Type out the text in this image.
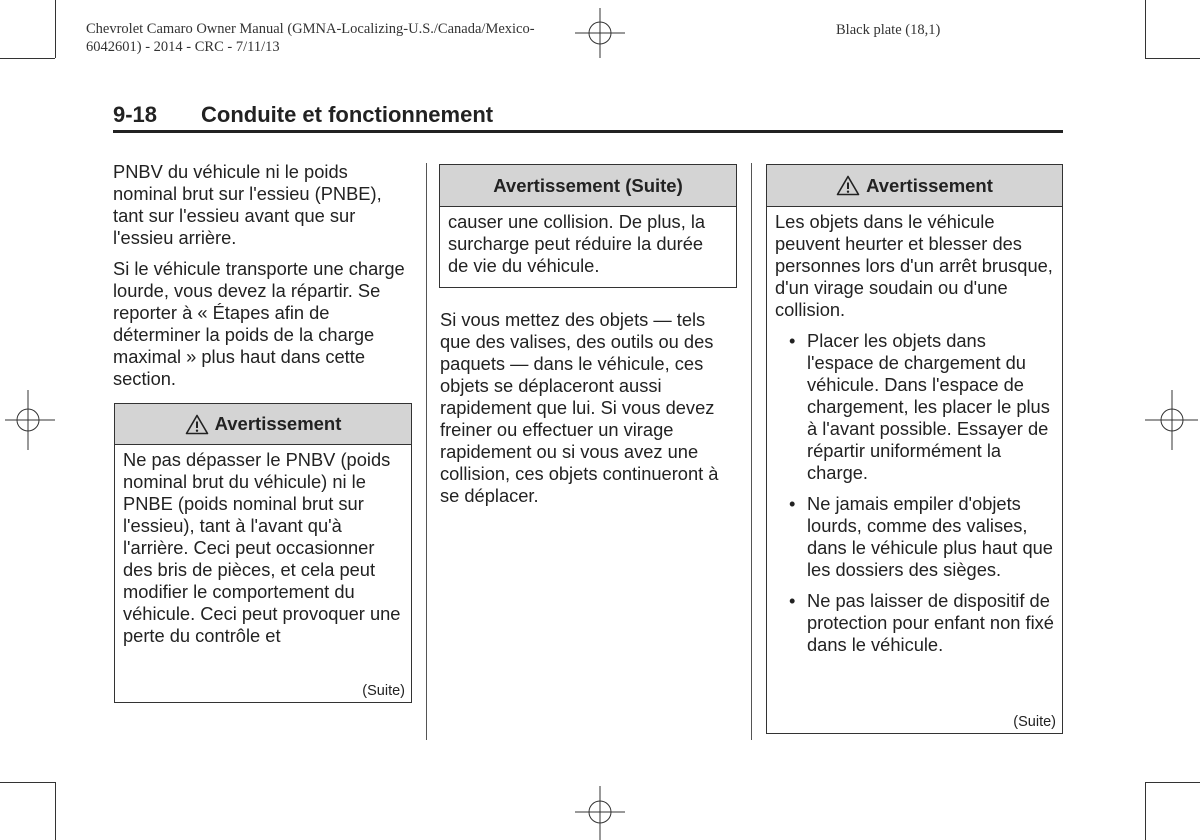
Chevrolet Camaro Owner Manual (GMNA-Localizing-U.S./Canada/Mexico-
6042601) - 2014 - CRC - 7/11/13
Black plate (18,1)
9-18 Conduite et fonctionnement

PNBV du véhicule ni le poids nominal brut sur l'essieu (PNBE), tant sur l'essieu avant que sur l'essieu arrière.

Si le véhicule transporte une charge lourde, vous devez la répartir. Se reporter à « Étapes afin de déterminer la poids de la charge maximal » plus haut dans cette section.

Avertissement

Ne pas dépasser le PNBV (poids nominal brut du véhicule) ni le PNBE (poids nominal brut sur l'essieu), tant à l'avant qu'à l'arrière. Ceci peut occasionner des bris de pièces, et cela peut modifier le comportement du véhicule. Ceci peut provoquer une perte du contrôle et

(Suite)
Avertissement (Suite)

causer une collision. De plus, la surcharge peut réduire la durée de vie du véhicule.

Si vous mettez des objets — tels que des valises, des outils ou des paquets — dans le véhicule, ces objets se déplaceront aussi rapidement que lui. Si vous devez freiner ou effectuer un virage rapidement ou si vous avez une collision, ces objets continueront à se déplacer.

Avertissement

Les objets dans le véhicule peuvent heurter et blesser des personnes lors d'un arrêt brusque, d'un virage soudain ou d'une collision.

• Placer les objets dans l'espace de chargement du véhicule. Dans l'espace de chargement, les placer le plus à l'avant possible. Essayer de répartir uniformément la charge.
• Ne jamais empiler d'objets lourds, comme des valises, dans le véhicule plus haut que les dossiers des sièges.
• Ne pas laisser de dispositif de protection pour enfant non fixé dans le véhicule.
(Suite)
